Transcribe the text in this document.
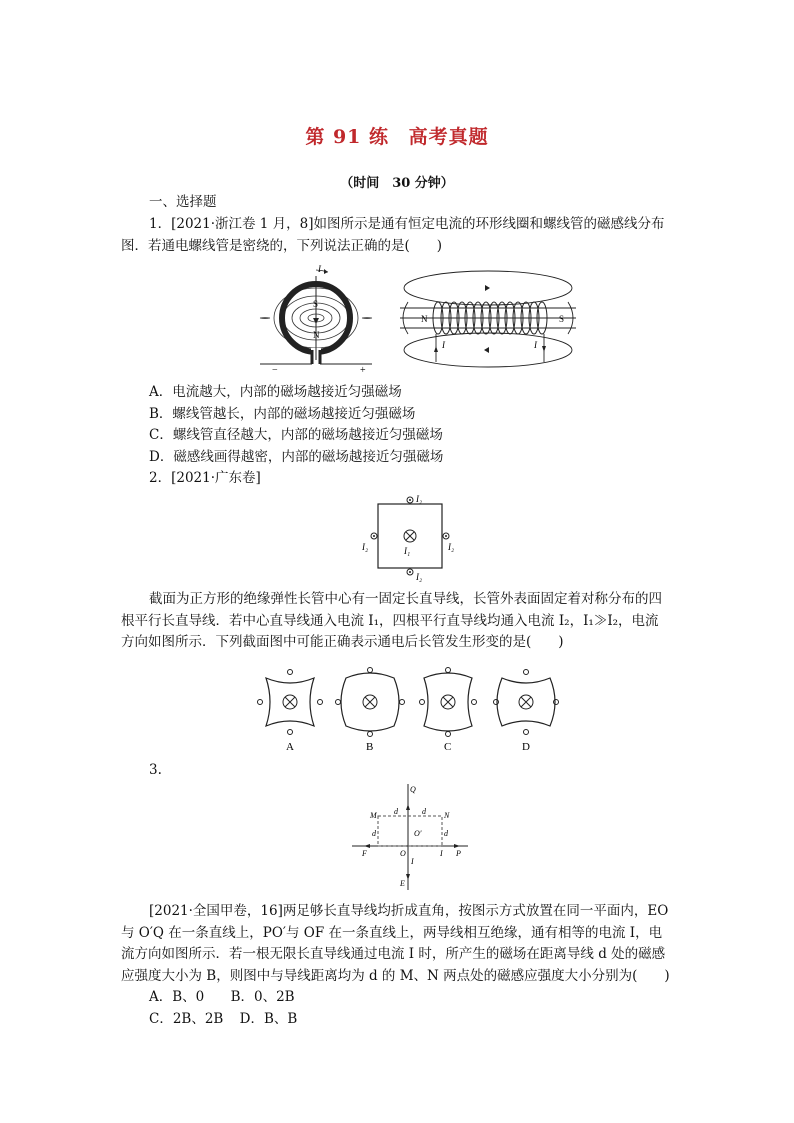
第 91 练 高考真题
（时间　30 分钟）
一、选择题
1．[2021·浙江卷 1 月，8]如图所示是通有恒定电流的环形线圈和螺线管的磁感线分布
图．若通电螺线管是密绕的，下列说法正确的是(　　)
I
S
N
−	+
N	S
I	I
A．电流越大，内部的磁场越接近匀强磁场
B．螺线管越长，内部的磁场越接近匀强磁场
C．螺线管直径越大，内部的磁场越接近匀强磁场
D．磁感线画得越密，内部的磁场越接近匀强磁场
2．[2021·广东卷]
I₂
I₂	I₂
I₂
I₁
截面为正方形的绝缘弹性长管中心有一固定长直导线，长管外表面固定着对称分布的四
根平行长直导线．若中心直导线通入电流 I₁，四根平行直导线均通入电流 I₂，I₁≫I₂，电流
方向如图所示．下列截面图中可能正确表示通电后长管发生形变的是(　　)
A	B	C	D
3.
Q
M	N
d	d
d	d
O′
F	O	I P
I
E
[2021·全国甲卷，16]两足够长直导线均折成直角，按图示方式放置在同一平面内，EO
与 O′Q 在一条直线上，PO′与 OF 在一条直线上，两导线相互绝缘，通有相等的电流 I，电
流方向如图所示．若一根无限长直导线通过电流 I 时，所产生的磁场在距离导线 d 处的磁感
应强度大小为 B，则图中与导线距离均为 d 的 M、N 两点处的磁感应强度大小分别为(　　)
A．B、0 B．0、2B
C．2B、2B D．B、B
